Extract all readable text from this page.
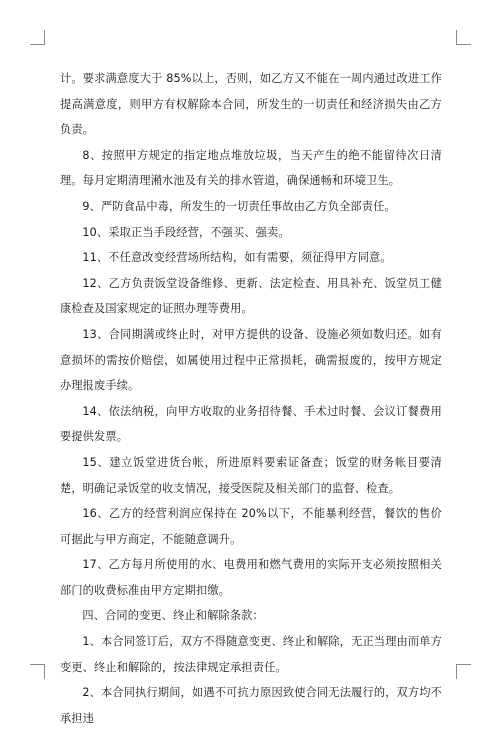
计。要求满意度大于 85%以上，否则，如乙方又不能在一周内通过改进工作提高满意度，则甲方有权解除本合同，所发生的一切责任和经济损失由乙方负责。

8、按照甲方规定的指定地点堆放垃圾，当天产生的绝不能留待次日清理。每月定期清理潲水池及有关的排水管道，确保通畅和环境卫生。

9、严防食品中毒，所发生的一切责任事故由乙方负全部责任。

10、采取正当手段经营，不强买、强卖。

11、不任意改变经营场所结构，如有需要，须征得甲方同意。

12、乙方负责饭堂设备维修、更新、法定检查、用具补充、饭堂员工健康检查及国家规定的证照办理等费用。

13、合同期满或终止时，对甲方提供的设备、设施必须如数归还。如有意损坏的需按价赔偿，如属使用过程中正常损耗，确需报废的，按甲方规定办理报废手续。

14、依法纳税，向甲方收取的业务招待餐、手术过时餐、会议订餐费用要提供发票。

15、建立饭堂进货台帐，所进原料要索证备查；饭堂的财务帐目要清楚，明确记录饭堂的收支情况，接受医院及相关部门的监督、检查。

16、乙方的经营利润应保持在 20%以下，不能暴利经营，餐饮的售价可据此与甲方商定，不能随意调升。

17、乙方每月所使用的水、电费用和燃气费用的实际开支必须按照相关部门的收费标准由甲方定期扣缴。

四、合同的变更、终止和解除条款：

1、本合同签订后，双方不得随意变更、终止和解除，无正当理由而单方变更、终止和解除的，按法律规定承担责任。

2、本合同执行期间，如遇不可抗力原因致使合同无法履行的，双方均不承担违
